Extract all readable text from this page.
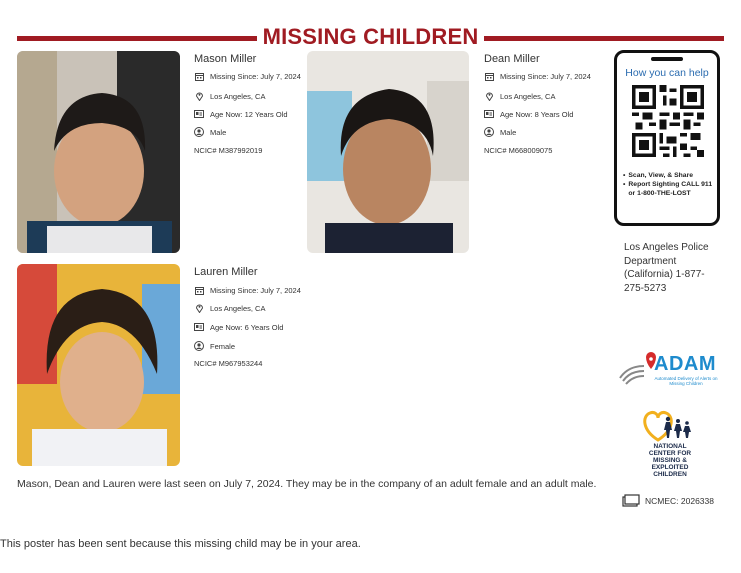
MISSING CHILDREN
Mason Miller
Missing Since: July 7, 2024
Los Angeles, CA
Age Now: 12 Years Old
Male
NCIC# M387992019
Dean Miller
Missing Since: July 7, 2024
Los Angeles, CA
Age Now: 8 Years Old
Male
NCIC# M668009075
Lauren Miller
Missing Since: July 7, 2024
Los Angeles, CA
Age Now: 6 Years Old
Female
NCIC# M967953244
How you can help
• Scan, View, & Share
• Report Sighting CALL 911 or 1-800-THE-LOST
Los Angeles Police Department (California) 1-877-275-5273
ADAM
Automated Delivery of Alerts on Missing Children
NATIONAL CENTER FOR MISSING & EXPLOITED CHILDREN
Mason, Dean and Lauren were last seen on July 7, 2024. They may be in the company of an adult female and an adult male.
NCMEC: 2026338
This poster has been sent because this missing child may be in your area.
